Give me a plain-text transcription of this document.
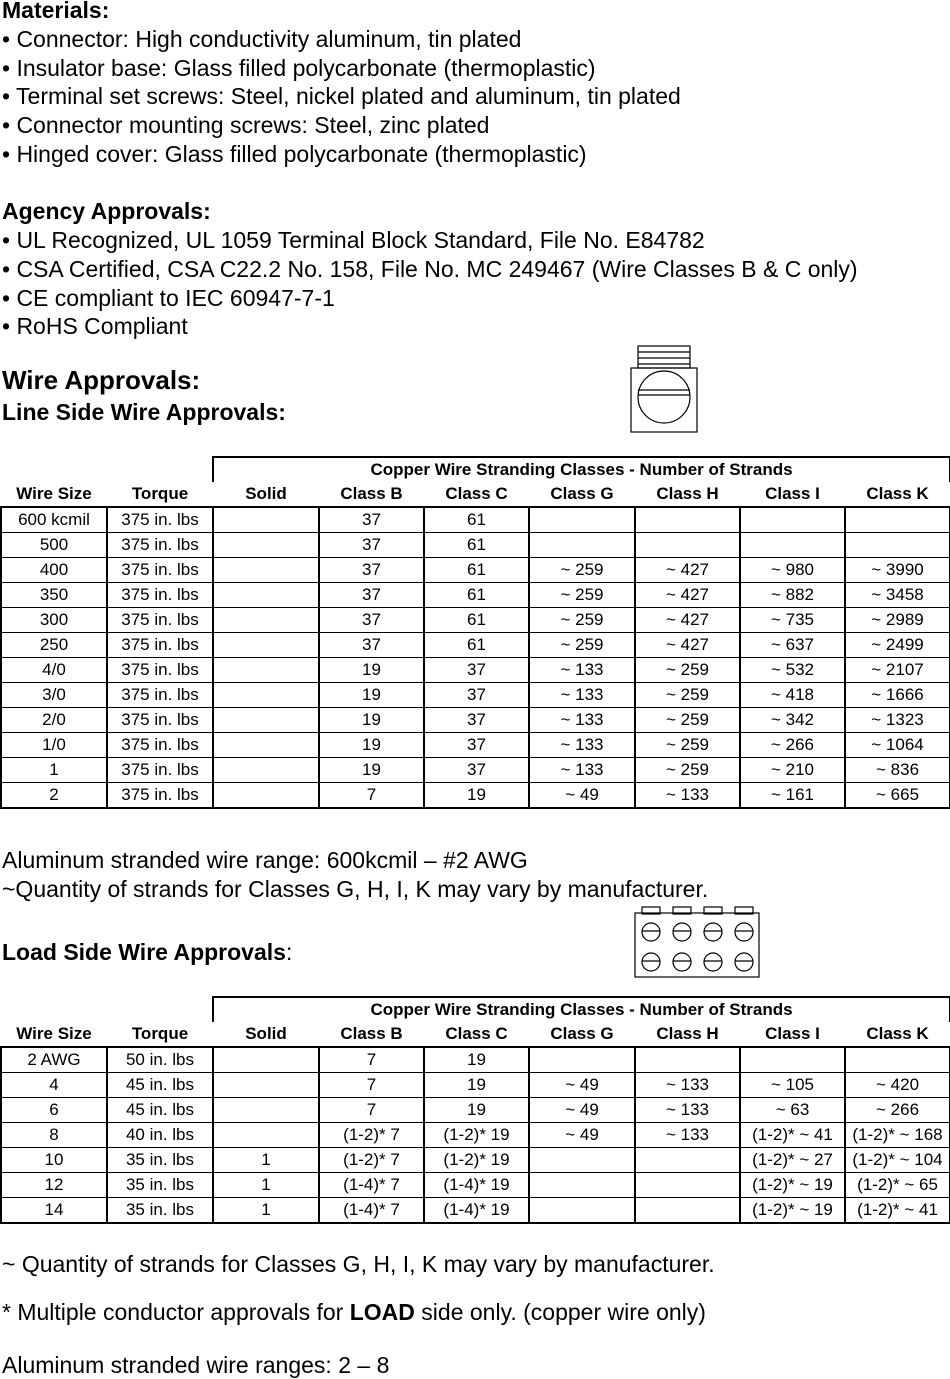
Materials:

• Connector: High conductivity aluminum, tin plated

• Insulator base: Glass filled polycarbonate (thermoplastic)

• Terminal set screws: Steel, nickel plated and aluminum, tin plated

• Connector mounting screws: Steel, zinc plated

• Hinged cover: Glass filled polycarbonate (thermoplastic)

Agency Approvals:

• UL Recognized, UL 1059 Terminal Block Standard, File No. E84782

• CSA Certified, CSA C22.2 No. 158, File No. MC 249467 (Wire Classes B & C only)

• CE compliant to IEC 60947-7-1

• RoHS Compliant

Wire Approvals:

Line Side Wire Approvals:

		Copper Wire Stranding Classes - Number of Strands						
Wire Size	Torque	Solid	Class B	Class C	Class G	Class H	Class I	Class K
600 kcmil	375 in. lbs		37	61				
500	375 in. lbs		37	61				
400	375 in. lbs		37	61	~ 259	~ 427	~ 980	~ 3990
350	375 in. lbs		37	61	~ 259	~ 427	~ 882	~ 3458
300	375 in. lbs		37	61	~ 259	~ 427	~ 735	~ 2989
250	375 in. lbs		37	61	~ 259	~ 427	~ 637	~ 2499
4/0	375 in. lbs		19	37	~ 133	~ 259	~ 532	~ 2107
3/0	375 in. lbs		19	37	~ 133	~ 259	~ 418	~ 1666
2/0	375 in. lbs		19	37	~ 133	~ 259	~ 342	~ 1323
1/0	375 in. lbs		19	37	~ 133	~ 259	~ 266	~ 1064
1	375 in. lbs		19	37	~ 133	~ 259	~ 210	~ 836
2	375 in. lbs		7	19	~ 49	~ 133	~ 161	~ 665

Aluminum stranded wire range: 600kcmil – #2 AWG

~Quantity of strands for Classes G, H, I, K may vary by manufacturer.

Load Side Wire Approvals:

		Copper Wire Stranding Classes - Number of Strands						
Wire Size	Torque	Solid	Class B	Class C	Class G	Class H	Class I	Class K
2 AWG	50 in. lbs		7	19				
4	45 in. lbs		7	19	~ 49	~ 133	~ 105	~ 420
6	45 in. lbs		7	19	~ 49	~ 133	~ 63	~ 266
8	40 in. lbs		(1-2)* 7	(1-2)* 19	~ 49	~ 133	(1-2)* ~ 41	(1-2)* ~ 168
10	35 in. lbs	1	(1-2)* 7	(1-2)* 19			(1-2)* ~ 27	(1-2)* ~ 104
12	35 in. lbs	1	(1-4)* 7	(1-4)* 19			(1-2)* ~ 19	(1-2)* ~ 65
14	35 in. lbs	1	(1-4)* 7	(1-4)* 19			(1-2)* ~ 19	(1-2)* ~ 41

~ Quantity of strands for Classes G, H, I, K may vary by manufacturer.

* Multiple conductor approvals for LOAD side only. (copper wire only)

Aluminum stranded wire ranges: 2 – 8
